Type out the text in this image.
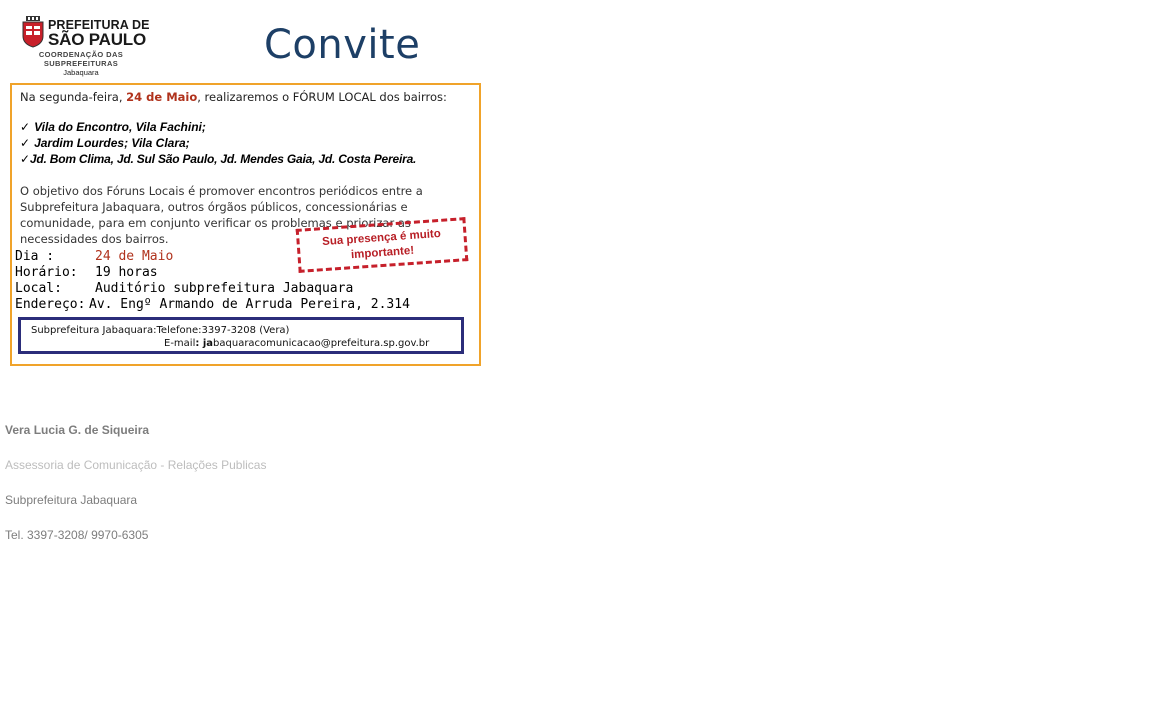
PREFEITURA DE
SÃO PAULO
COORDENAÇÃO DAS
SUBPREFEITURAS
Jabaquara
Convite
Na segunda-feira, 24 de Maio, realizaremos o FÓRUM LOCAL dos bairros:
✓ Vila do Encontro, Vila Fachini;
✓ Jardim Lourdes; Vila Clara;
✓Jd. Bom Clima, Jd. Sul São Paulo, Jd. Mendes Gaia, Jd. Costa Pereira.
O objetivo dos Fóruns Locais é promover encontros periódicos entre a
Subprefeitura Jabaquara, outros órgãos públicos, concessionárias e
comunidade, para em conjunto verificar os problemas e priorizar as
necessidades dos bairros.	Sua presença é muito
importante!
Dia :	24 de Maio
Horário: 19 horas
Local:	Auditório subprefeitura Jabaquara
Endereço: Av. Engº Armando de Arruda Pereira, 2.314
Subprefeitura Jabaquara:Telefone:3397-3208 (Vera)
E-mail: jabaquaracomunicacao@prefeitura.sp.gov.br
Vera Lucia G. de Siqueira
Assessoria de Comunicação - Relações Publicas
Subprefeitura Jabaquara
Tel. 3397-3208/ 9970-6305
